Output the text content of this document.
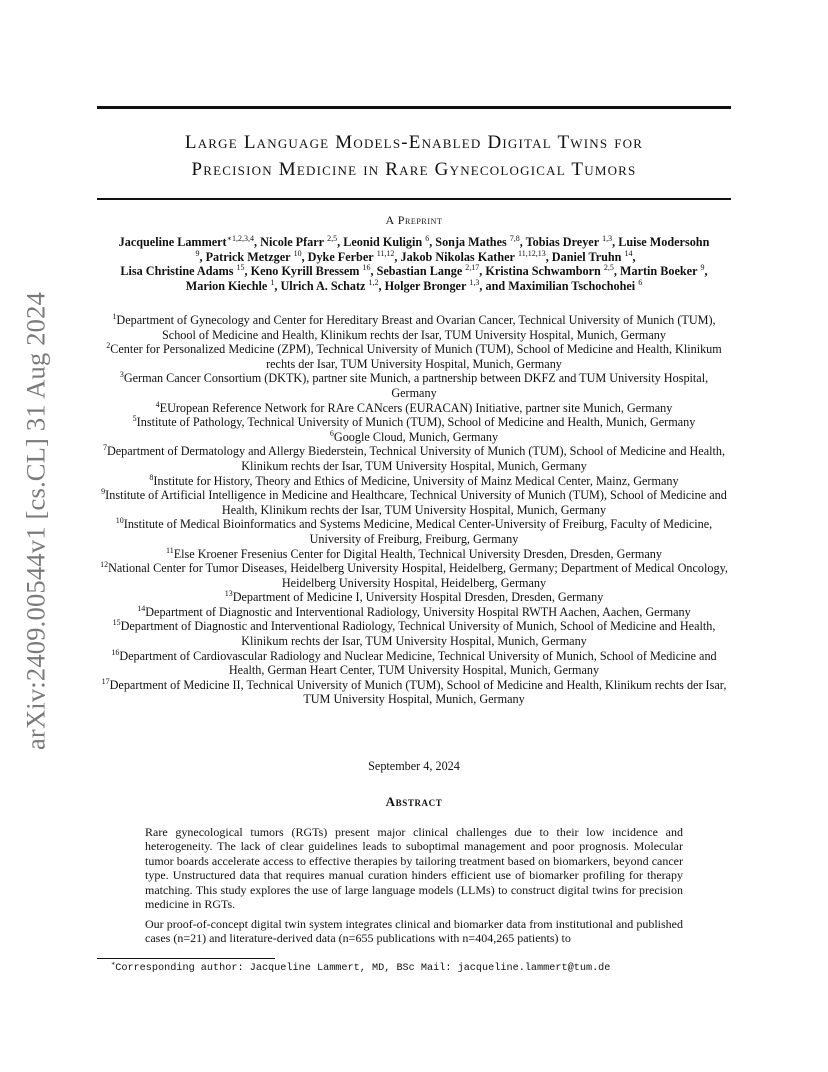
arXiv:2409.00544v1 [cs.CL] 31 Aug 2024
Large Language Models-Enabled Digital Twins for
Precision Medicine in Rare Gynecological Tumors
A Preprint
Jacqueline Lammert$^{∗1,2,3,4}$, Nicole Pfarr $^{2,5}$, Leonid Kuligin $^6$, Sonja Mathes $^{7,8}$, Tobias Dreyer $^{1,3}$, Luise Modersohn
$^9$, Patrick Metzger $^{10}$, Dyke Ferber $^{11,12}$, Jakob Nikolas Kather $^{11,12,13}$, Daniel Truhn $^{14}$,
Lisa Christine Adams $^{15}$, Keno Kyrill Bressem $^{16}$, Sebastian Lange $^{2,17}$, Kristina Schwamborn $^{2,5}$, Martin Boeker $^9$,
Marion Kiechle $^1$, Ulrich A. Schatz $^{1,2}$, Holger Bronger $^{1,3}$, and Maximilian Tschochohei $^6$
$^1$Department of Gynecology and Center for Hereditary Breast and Ovarian Cancer, Technical University of Munich (TUM), School of Medicine and Health, Klinikum rechts der Isar, TUM University Hospital, Munich, Germany
$^2$Center for Personalized Medicine (ZPM), Technical University of Munich (TUM), School of Medicine and Health, Klinikum rechts der Isar, TUM University Hospital, Munich, Germany
$^3$German Cancer Consortium (DKTK), partner site Munich, a partnership between DKFZ and TUM University Hospital, Germany
$^4$EUropean Reference Network for RAre CANcers (EURACAN) Initiative, partner site Munich, Germany
$^5$Institute of Pathology, Technical University of Munich (TUM), School of Medicine and Health, Munich, Germany
$^6$Google Cloud, Munich, Germany
$^7$Department of Dermatology and Allergy Biederstein, Technical University of Munich (TUM), School of Medicine and Health, Klinikum rechts der Isar, TUM University Hospital, Munich, Germany
$^8$Institute for History, Theory and Ethics of Medicine, University of Mainz Medical Center, Mainz, Germany
$^9$Institute of Artificial Intelligence in Medicine and Healthcare, Technical University of Munich (TUM), School of Medicine and Health, Klinikum rechts der Isar, TUM University Hospital, Munich, Germany
$^{10}$Institute of Medical Bioinformatics and Systems Medicine, Medical Center-University of Freiburg, Faculty of Medicine, University of Freiburg, Freiburg, Germany
$^{11}$Else Kroener Fresenius Center for Digital Health, Technical University Dresden, Dresden, Germany
$^{12}$National Center for Tumor Diseases, Heidelberg University Hospital, Heidelberg, Germany; Department of Medical Oncology, Heidelberg University Hospital, Heidelberg, Germany
$^{13}$Department of Medicine I, University Hospital Dresden, Dresden, Germany
$^{14}$Department of Diagnostic and Interventional Radiology, University Hospital RWTH Aachen, Aachen, Germany
$^{15}$Department of Diagnostic and Interventional Radiology, Technical University of Munich, School of Medicine and Health, Klinikum rechts der Isar, TUM University Hospital, Munich, Germany
$^{16}$Department of Cardiovascular Radiology and Nuclear Medicine, Technical University of Munich, School of Medicine and Health, German Heart Center, TUM University Hospital, Munich, Germany
$^{17}$Department of Medicine II, Technical University of Munich (TUM), School of Medicine and Health, Klinikum rechts der Isar, TUM University Hospital, Munich, Germany
September 4, 2024
Abstract
Rare gynecological tumors (RGTs) present major clinical challenges due to their low incidence and heterogeneity. The lack of clear guidelines leads to suboptimal management and poor prognosis. Molecular tumor boards accelerate access to effective therapies by tailoring treatment based on biomarkers, beyond cancer type. Unstructured data that requires manual curation hinders efficient use of biomarker profiling for therapy matching. This study explores the use of large language models (LLMs) to construct digital twins for precision medicine in RGTs.
Our proof-of-concept digital twin system integrates clinical and biomarker data from institutional and published cases (n=21) and literature-derived data (n=655 publications with n=404,265 patients) to
∗Corresponding author: Jacqueline Lammert, MD, BSc Mail: jacqueline.lammert@tum.de
